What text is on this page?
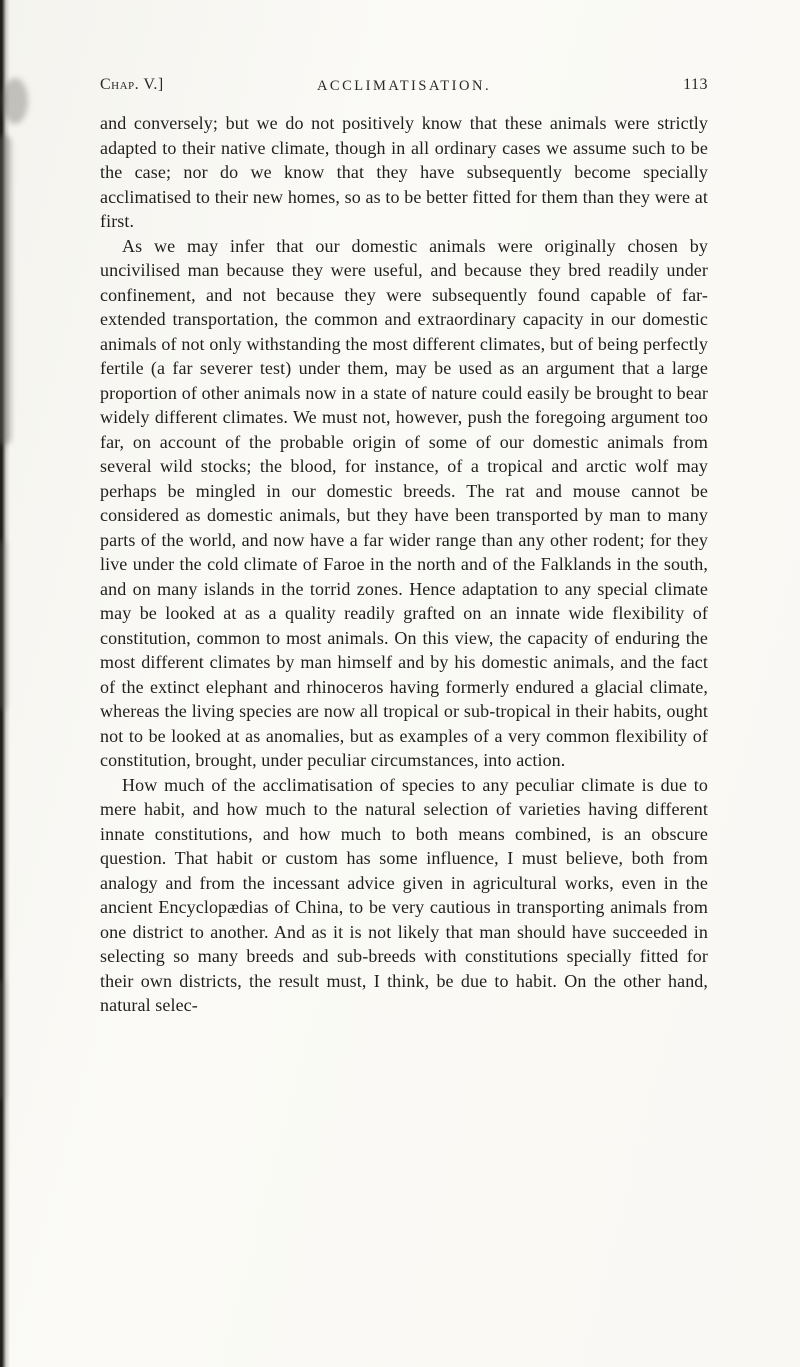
Chap. V.]	ACCLIMATISATION.	113

and conversely; but we do not positively know that these animals were strictly adapted to their native climate, though in all ordinary cases we assume such to be the case; nor do we know that they have subsequently become specially acclimatised to their new homes, so as to be better fitted for them than they were at first.

As we may infer that our domestic animals were originally chosen by uncivilised man because they were useful, and because they bred readily under confinement, and not because they were subsequently found capable of far-extended transportation, the common and extraordinary capacity in our domestic animals of not only withstanding the most different climates, but of being perfectly fertile (a far severer test) under them, may be used as an argument that a large proportion of other animals now in a state of nature could easily be brought to bear widely different climates. We must not, however, push the foregoing argument too far, on account of the probable origin of some of our domestic animals from several wild stocks; the blood, for instance, of a tropical and arctic wolf may perhaps be mingled in our domestic breeds. The rat and mouse cannot be considered as domestic animals, but they have been transported by man to many parts of the world, and now have a far wider range than any other rodent; for they live under the cold climate of Faroe in the north and of the Falklands in the south, and on many islands in the torrid zones. Hence adaptation to any special climate may be looked at as a quality readily grafted on an innate wide flexibility of constitution, common to most animals. On this view, the capacity of enduring the most different climates by man himself and by his domestic animals, and the fact of the extinct elephant and rhinoceros having formerly endured a glacial climate, whereas the living species are now all tropical or sub-tropical in their habits, ought not to be looked at as anomalies, but as examples of a very common flexibility of constitution, brought, under peculiar circumstances, into action.

How much of the acclimatisation of species to any peculiar climate is due to mere habit, and how much to the natural selection of varieties having different innate constitutions, and how much to both means combined, is an obscure question. That habit or custom has some influence, I must believe, both from analogy and from the incessant advice given in agricultural works, even in the ancient Encyclopædias of China, to be very cautious in transporting animals from one district to another. And as it is not likely that man should have succeeded in selecting so many breeds and sub-breeds with constitutions specially fitted for their own districts, the result must, I think, be due to habit. On the other hand, natural selec-
